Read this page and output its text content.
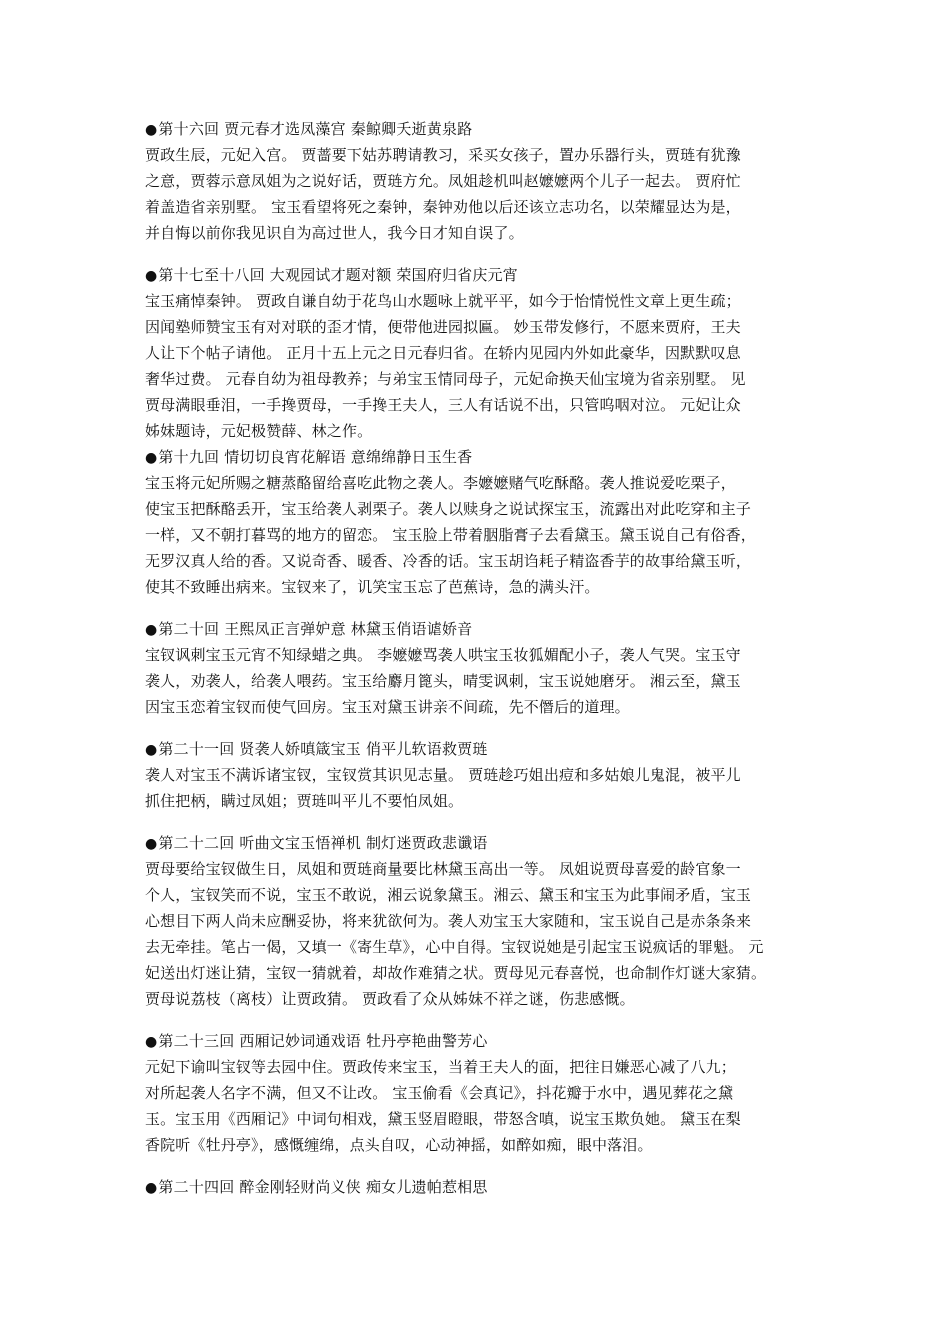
●第十六回 贾元春才选凤藻宫 秦鲸卿夭逝黄泉路
贾政生辰，元妃入宫。 贾蔷要下姑苏聘请教习，采买女孩子，置办乐器行头，贾琏有犹豫
之意，贾蓉示意凤姐为之说好话，贾琏方允。凤姐趁机叫赵嬷嬷两个儿子一起去。 贾府忙
着盖造省亲别墅。 宝玉看望将死之秦钟，秦钟劝他以后还该立志功名，以荣耀显达为是，
并自悔以前你我见识自为高过世人，我今日才知自误了。
●第十七至十八回 大观园试才题对额 荣国府归省庆元宵
宝玉痛悼秦钟。 贾政自谦自幼于花鸟山水题咏上就平平，如今于怡情悦性文章上更生疏；
因闻塾师赞宝玉有对对联的歪才情，便带他进园拟匾。 妙玉带发修行，不愿来贾府，王夫
人让下个帖子请他。 正月十五上元之日元春归省。在轿内见园内外如此豪华，因默默叹息
奢华过费。 元春自幼为祖母教养；与弟宝玉情同母子，元妃命换天仙宝境为省亲别墅。 见
贾母满眼垂泪，一手搀贾母，一手搀王夫人，三人有话说不出，只管呜咽对泣。 元妃让众
姊妹题诗，元妃极赞薛、林之作。
●第十九回 情切切良宵花解语 意绵绵静日玉生香
宝玉将元妃所赐之糖蒸酪留给喜吃此物之袭人。李嬷嬷赌气吃酥酪。袭人推说爱吃栗子，
使宝玉把酥酪丢开，宝玉给袭人剥栗子。袭人以赎身之说试探宝玉，流露出对此吃穿和主子
一样，又不朝打暮骂的地方的留恋。 宝玉脸上带着胭脂膏子去看黛玉。黛玉说自己有俗香，
无罗汉真人给的香。又说奇香、暖香、冷香的话。宝玉胡诌耗子精盗香芋的故事给黛玉听，
使其不致睡出病来。宝钗来了，讥笑宝玉忘了芭蕉诗，急的满头汗。
●第二十回 王熙凤正言弹妒意 林黛玉俏语谑娇音
宝钗讽刺宝玉元宵不知绿蜡之典。 李嬷嬷骂袭人哄宝玉妆狐媚配小子，袭人气哭。宝玉守
袭人，劝袭人，给袭人喂药。宝玉给麝月篦头，晴雯讽刺，宝玉说她磨牙。 湘云至，黛玉
因宝玉恋着宝钗而使气回房。宝玉对黛玉讲亲不间疏，先不僭后的道理。
●第二十一回 贤袭人娇嗔箴宝玉 俏平儿软语救贾琏
袭人对宝玉不满诉诸宝钗，宝钗赏其识见志量。 贾琏趁巧姐出痘和多姑娘儿鬼混，被平儿
抓住把柄，瞒过凤姐；贾琏叫平儿不要怕凤姐。
●第二十二回 听曲文宝玉悟禅机 制灯迷贾政悲谶语
贾母要给宝钗做生日，凤姐和贾琏商量要比林黛玉高出一等。 凤姐说贾母喜爱的龄官象一
个人，宝钗笑而不说，宝玉不敢说，湘云说象黛玉。湘云、黛玉和宝玉为此事闹矛盾，宝玉
心想目下两人尚未应酬妥协，将来犹欲何为。袭人劝宝玉大家随和，宝玉说自己是赤条条来
去无牵挂。笔占一偈，又填一《寄生草》，心中自得。宝钗说她是引起宝玉说疯话的罪魁。 元
妃送出灯迷让猜，宝钗一猜就着，却故作难猜之状。贾母见元春喜悦，也命制作灯谜大家猜。
贾母说荔枝（离枝）让贾政猜。 贾政看了众从姊妹不祥之谜，伤悲感慨。
●第二十三回 西厢记妙词通戏语 牡丹亭艳曲警芳心
元妃下谕叫宝钗等去园中住。贾政传来宝玉，当着王夫人的面，把往日嫌恶心减了八九；
对所起袭人名字不满，但又不让改。 宝玉偷看《会真记》，抖花瓣于水中，遇见葬花之黛
玉。宝玉用《西厢记》中词句相戏，黛玉竖眉瞪眼，带怒含嗔，说宝玉欺负她。 黛玉在梨
香院听《牡丹亭》，感慨缠绵，点头自叹，心动神摇，如醉如痴，眼中落泪。
●第二十四回 醉金刚轻财尚义侠 痴女儿遗帕惹相思
